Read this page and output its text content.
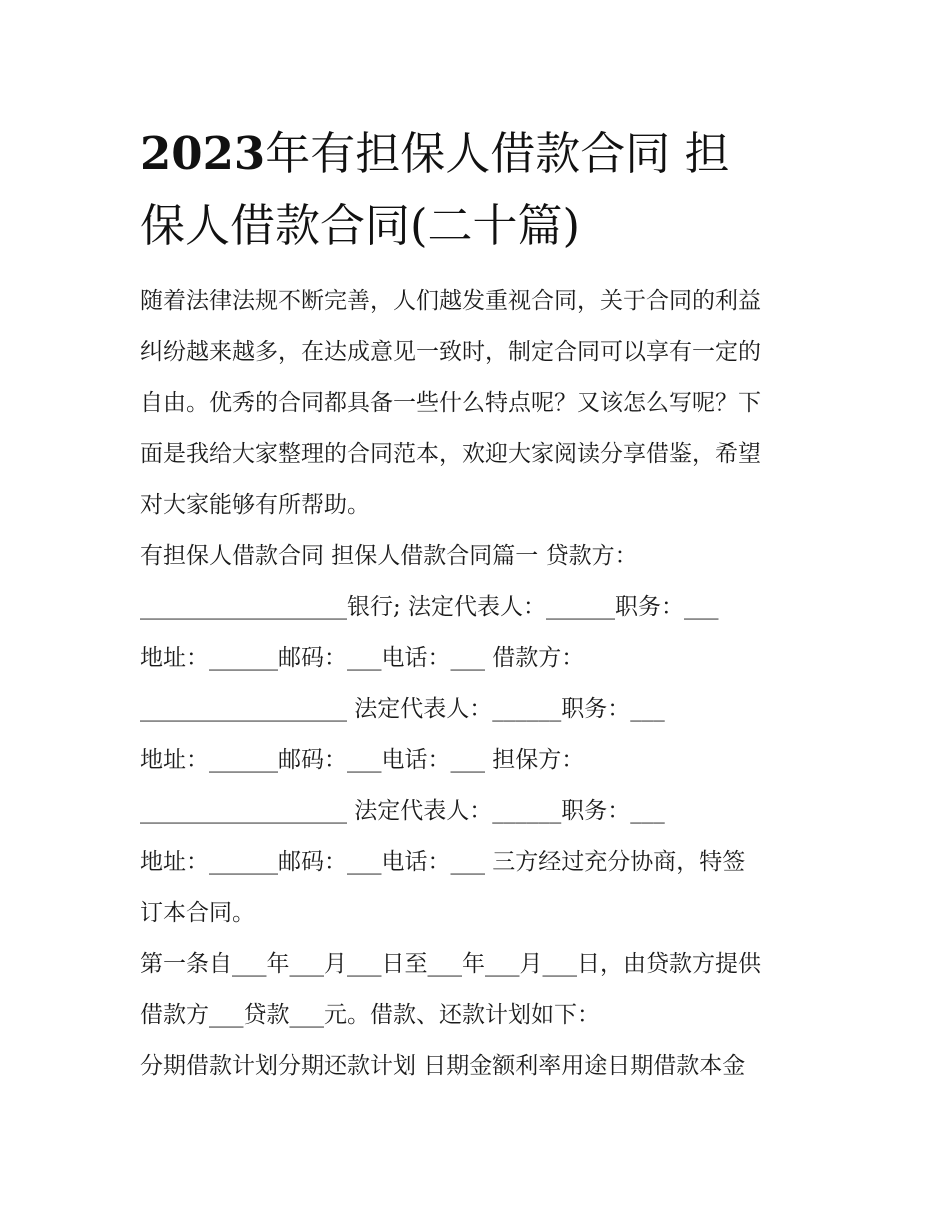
2023年有担保人借款合同 担
保人借款合同(二十篇)
随着法律法规不断完善，人们越发重视合同，关于合同的利益
纠纷越来越多，在达成意见一致时，制定合同可以享有一定的
自由。优秀的合同都具备一些什么特点呢？又该怎么写呢？下
面是我给大家整理的合同范本，欢迎大家阅读分享借鉴，希望
对大家能够有所帮助。
有担保人借款合同 担保人借款合同篇一 贷款方：
__________________银行; 法定代表人：______职务：___
地址：______邮码：___电话：___ 借款方：
__________________ 法定代表人：______职务：___
地址：______邮码：___电话：___ 担保方：
__________________ 法定代表人：______职务：___
地址：______邮码：___电话：___ 三方经过充分协商，特签
订本合同。
第一条自___年___月___日至___年___月___日，由贷款方提供
借款方___贷款___元。借款、还款计划如下：
分期借款计划分期还款计划 日期金额利率用途日期借款本金
